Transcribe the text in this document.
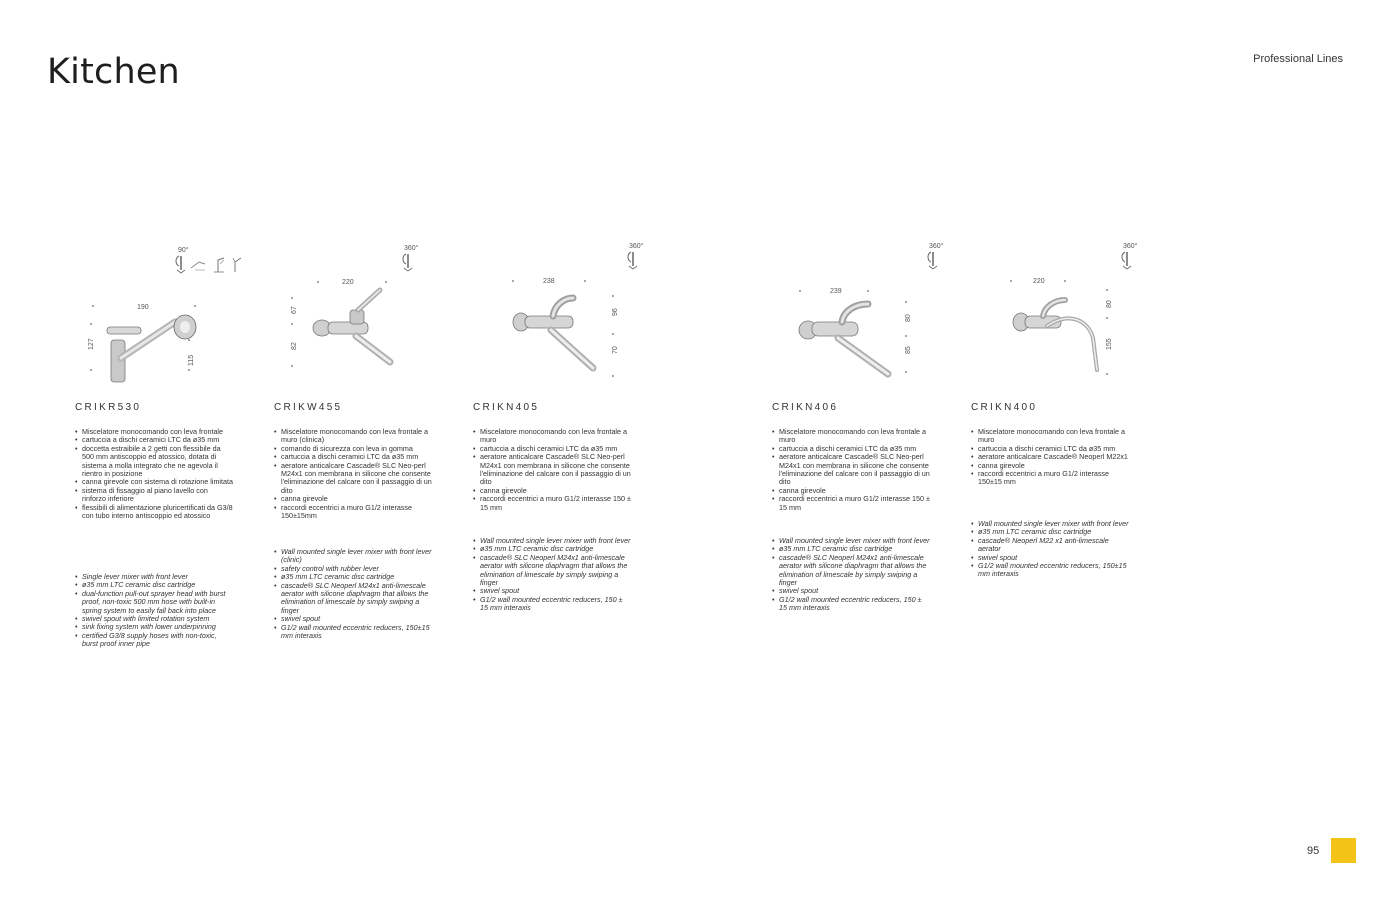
Kitchen	Professional Lines
90°
190
127
115
CRIKR530
• Miscelatore monocomando con leva frontale
• cartuccia a dischi ceramici LTC da ø35 mm
• doccetta estraibile a 2 getti con flessibile da 500 mm antiscoppio ed atossico, dotata di sistema a molla integrato che ne agevola il rientro in posizione
• canna girevole con sistema di rotazione limitata
• sistema di fissaggio al piano lavello con rinforzo inferiore
• flessibili di alimentazione pluricertificati da G3/8 con tubo interno antiscoppio ed atossico
• Single lever mixer with front lever
• ø35 mm LTC ceramic disc cartridge
• dual-function pull-out sprayer head with burst proof, non-toxic 500 mm hose with built-in spring system to easily fall back into place
• swivel spout with limited rotation system
• sink fixing system with lower underpinning
• certified G3/8 supply hoses with non-toxic, burst proof inner pipe
360°
220
67
82
CRIKW455
• Miscelatore monocomando con leva frontale a muro (clinica)
• comando di sicurezza con leva in gomma
• cartuccia a dischi ceramici LTC da ø35 mm
• aeratore anticalcare Cascade® SLC Neo-perl M24x1 con membrana in silicone che consente l'eliminazione del calcare con il passaggio di un dito
• canna girevole
• raccordi eccentrici a muro G1/2 interasse 150±15mm
• Wall mounted single lever mixer with front lever (clinic)
• safety control with rubber lever
• ø35 mm LTC ceramic disc cartridge
• cascade® SLC Neoperl M24x1 anti-limescale aerator with silicone diaphragm that allows the elimination of limescale by simply swiping a finger
• swivel spout
• G1/2 wall mounted eccentric reducers, 150±15 mm interaxis
360°
238
96
70
CRIKN405
• Miscelatore monocomando con leva frontale a muro
• cartuccia a dischi ceramici LTC da ø35 mm
• aeratore anticalcare Cascade® SLC Neo-perl M24x1 con membrana in silicone che consente l'eliminazione del calcare con il passaggio di un dito
• canna girevole
• raccordi eccentrici a muro G1/2 interasse 150 ± 15 mm
• Wall mounted single lever mixer with front lever
• ø35 mm LTC ceramic disc cartridge
• cascade® SLC Neoperl M24x1 anti-limescale aerator with silicone diaphragm that allows the elimination of limescale by simply swiping a finger
• swivel spout
• G1/2 wall mounted eccentric reducers, 150 ± 15 mm interaxis
360°
239
80
85
CRIKN406
• Miscelatore monocomando con leva frontale a muro
• cartuccia a dischi ceramici LTC da ø35 mm
• aeratore anticalcare Cascade® SLC Neo-perl M24x1 con membrana in silicone che consente l'eliminazione del calcare con il passaggio di un dito
• canna girevole
• raccordi eccentrici a muro G1/2 interasse 150 ± 15 mm
• Wall mounted single lever mixer with front lever
• ø35 mm LTC ceramic disc cartridge
• cascade® SLC Neoperl M24x1 anti-limescale aerator with silicone diaphragm that allows the elimination of limescale by simply swiping a finger
• swivel spout
• G1/2 wall mounted eccentric reducers, 150 ± 15 mm interaxis
360°
220
80
155
CRIKN400
• Miscelatore monocomando con leva frontale a muro
• cartuccia a dischi ceramici LTC da ø35 mm
• aeratore anticalcare Cascade® Neoperl M22x1
• canna girevole
• raccordi eccentrici a muro G1/2 interasse 150±15 mm
• Wall mounted single lever mixer with front lever
• ø35 mm LTC ceramic disc cartridge
• cascade® Neoperl M22 x1 anti-limescale aerator
• swivel spout
• G1/2 wall mounted eccentric reducers, 150±15 mm interaxis
95
